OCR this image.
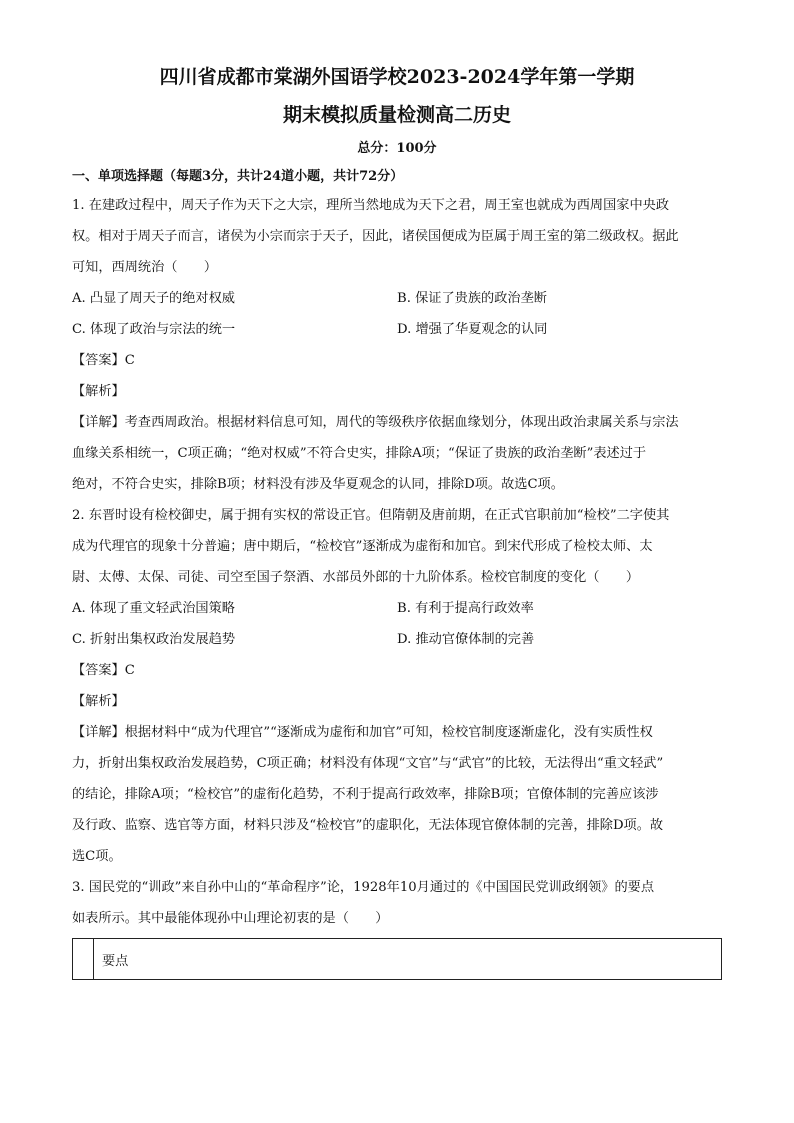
四川省成都市棠湖外国语学校2023-2024学年第一学期

期末模拟质量检测高二历史

总分：100分
一、单项选择题（每题3分，共计24道小题，共计72分）

1. 在建政过程中，周天子作为天下之大宗，理所当然地成为天下之君，周王室也就成为西周国家中央政

权。相对于周天子而言，诸侯为小宗而宗于天子，因此，诸侯国便成为臣属于周王室的第二级政权。据此

可知，西周统治（　　）

A. 凸显了周天子的绝对权威	B. 保证了贵族的政治垄断
C. 体现了政治与宗法的统一	D. 增强了华夏观念的认同
【答案】C
【解析】

【详解】考查西周政治。根据材料信息可知，周代的等级秩序依据血缘划分，体现出政治隶属关系与宗法

血缘关系相统一，C项正确；“绝对权威”不符合史实，排除A项；“保证了贵族的政治垄断”表述过于

绝对，不符合史实，排除B项；材料没有涉及华夏观念的认同，排除D项。故选C项。

2. 东晋时设有检校御史，属于拥有实权的常设正官。但隋朝及唐前期，在正式官职前加“检校”二字使其

成为代理官的现象十分普遍；唐中期后，“检校官”逐渐成为虚衔和加官。到宋代形成了检校太师、太

尉、太傅、太保、司徒、司空至国子祭酒、水部员外郎的十九阶体系。检校官制度的变化（　　）

A. 体现了重文轻武治国策略	B. 有利于提高行政效率
C. 折射出集权政治发展趋势	D. 推动官僚体制的完善
【答案】C
【解析】

【详解】根据材料中“成为代理官”“逐渐成为虚衔和加官”可知，检校官制度逐渐虚化，没有实质性权

力，折射出集权政治发展趋势，C项正确；材料没有体现“文官”与“武官”的比较，无法得出“重文轻武”

的结论，排除A项；“检校官”的虚衔化趋势，不利于提高行政效率，排除B项；官僚体制的完善应该涉

及行政、监察、选官等方面，材料只涉及“检校官”的虚职化，无法体现官僚体制的完善，排除D项。故

选C项。

3. 国民党的“训政”来自孙中山的“革命程序”论，1928年10月通过的《中国国民党训政纲领》的要点

如表所示。其中最能体现孙中山理论初衷的是（　　）

	要点
